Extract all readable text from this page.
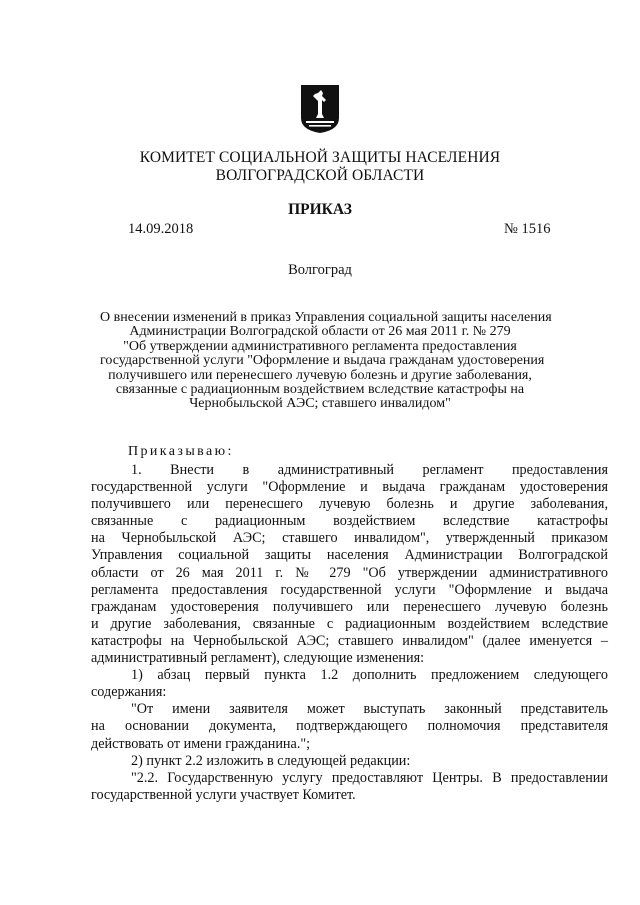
КОМИТЕТ СОЦИАЛЬНОЙ ЗАЩИТЫ НАСЕЛЕНИЯ
ВОЛГОГРАДСКОЙ ОБЛАСТИ
ПРИКАЗ
14.09.2018	№ 1516
Волгоград
О внесении изменений в приказ Управления социальной защиты населения
Администрации Волгоградской области от 26 мая 2011 г. № 279
"Об утверждении административного регламента предоставления
государственной услуги "Оформление и выдача гражданам удостоверения
получившего или перенесшего лучевую болезнь и другие заболевания,
связанные с радиационным воздействием вследствие катастрофы на
Чернобыльской АЭС; ставшего инвалидом"
Приказываю:
1. Внести в административный регламент предоставления
государственной услуги "Оформление и выдача гражданам удостоверения
получившего или перенесшего лучевую болезнь и другие заболевания,
связанные с радиационным воздействием вследствие катастрофы
на Чернобыльской АЭС; ставшего инвалидом", утвержденный приказом
Управления социальной защиты населения Администрации Волгоградской
области от 26 мая 2011 г. № 279 "Об утверждении административного
регламента предоставления государственной услуги "Оформление и выдача
гражданам удостоверения получившего или перенесшего лучевую болезнь
и другие заболевания, связанные с радиационным воздействием вследствие
катастрофы на Чернобыльской АЭС; ставшего инвалидом" (далее именуется –
административный регламент), следующие изменения:
1) абзац первый пункта 1.2 дополнить предложением следующего
содержания:
"От имени заявителя может выступать законный представитель
на основании документа, подтверждающего полномочия представителя
действовать от имени гражданина.";
2) пункт 2.2 изложить в следующей редакции:
"2.2. Государственную услугу предоставляют Центры. В предоставлении
государственной услуги участвует Комитет.
